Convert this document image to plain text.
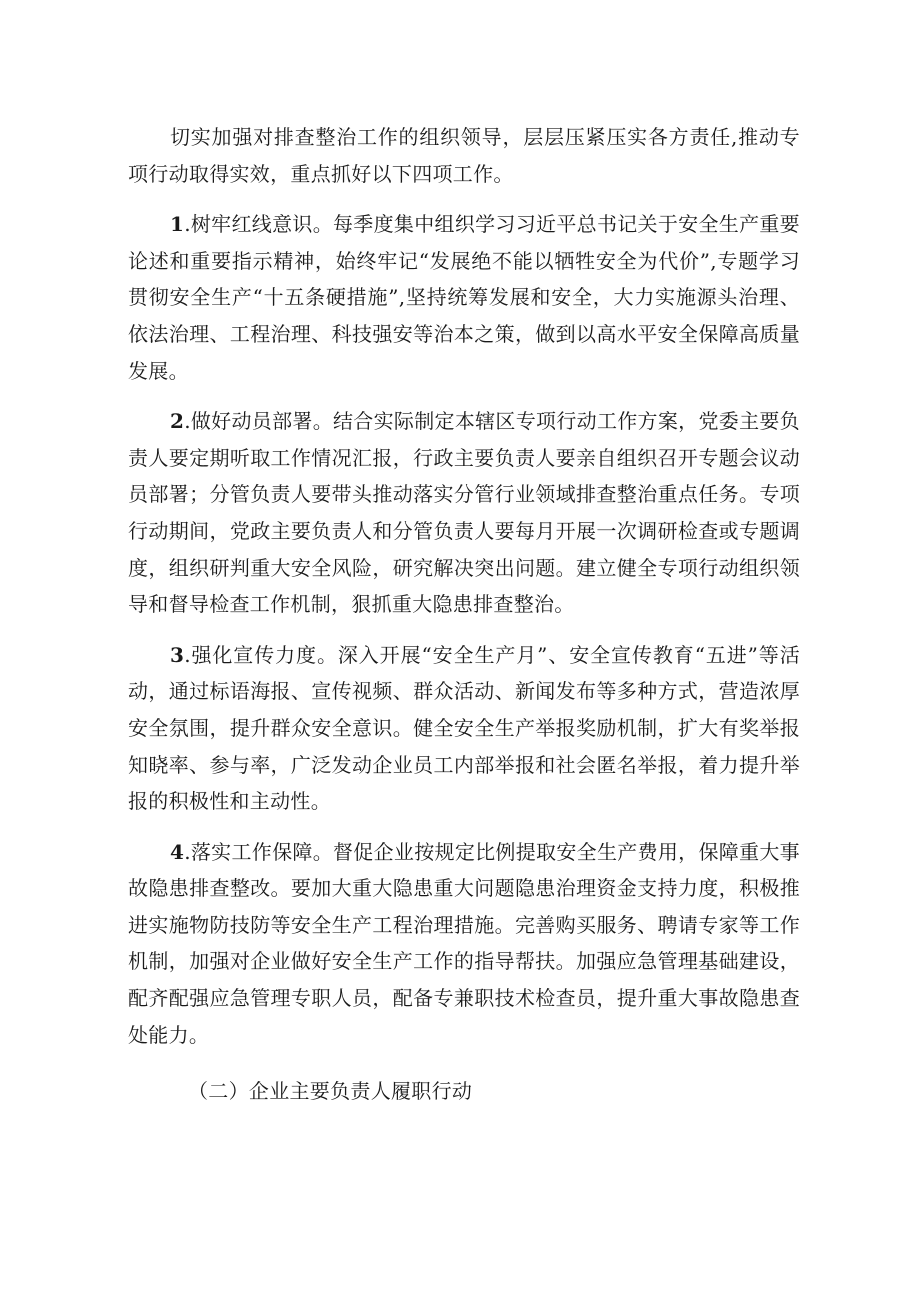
切实加强对排查整治工作的组织领导，层层压紧压实各方责任,推动专项行动取得实效，重点抓好以下四项工作。

1.树牢红线意识。每季度集中组织学习习近平总书记关于安全生产重要论述和重要指示精神，始终牢记“发展绝不能以牺牲安全为代价”,专题学习贯彻安全生产“十五条硬措施”,坚持统筹发展和安全，大力实施源头治理、依法治理、工程治理、科技强安等治本之策，做到以高水平安全保障高质量发展。

2.做好动员部署。结合实际制定本辖区专项行动工作方案，党委主要负责人要定期听取工作情况汇报，行政主要负责人要亲自组织召开专题会议动员部署；分管负责人要带头推动落实分管行业领域排查整治重点任务。专项行动期间，党政主要负责人和分管负责人要每月开展一次调研检查或专题调度，组织研判重大安全风险，研究解决突出问题。建立健全专项行动组织领导和督导检查工作机制，狠抓重大隐患排查整治。

3.强化宣传力度。深入开展“安全生产月”、安全宣传教育“五进”等活动，通过标语海报、宣传视频、群众活动、新闻发布等多种方式，营造浓厚安全氛围，提升群众安全意识。健全安全生产举报奖励机制，扩大有奖举报知晓率、参与率，广泛发动企业员工内部举报和社会匿名举报，着力提升举报的积极性和主动性。

4.落实工作保障。督促企业按规定比例提取安全生产费用，保障重大事故隐患排查整改。要加大重大隐患重大问题隐患治理资金支持力度，积极推进实施物防技防等安全生产工程治理措施。完善购买服务、聘请专家等工作机制，加强对企业做好安全生产工作的指导帮扶。加强应急管理基础建设，配齐配强应急管理专职人员，配备专兼职技术检查员，提升重大事故隐患查处能力。

（二）企业主要负责人履职行动
